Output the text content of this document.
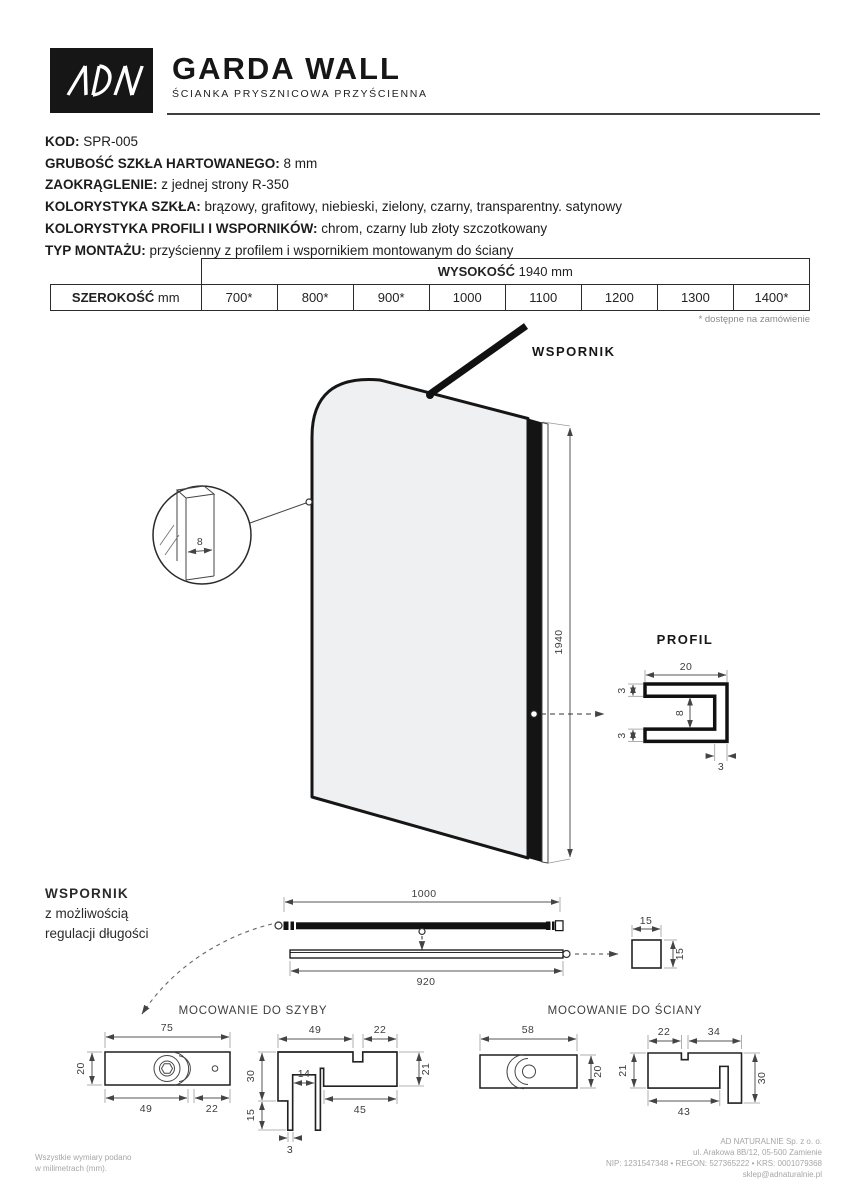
GARDA WALL
ŚCIANKA PRYSZNICOWA PRZYŚCIENNA
KOD: SPR-005
GRUBOŚĆ SZKŁA HARTOWANEGO: 8 mm
ZAOKRĄGLENIE: z jednej strony R-350
KOLORYSTYKA SZKŁA: brązowy, grafitowy, niebieski, zielony, czarny, transparentny. satynowy
KOLORYSTYKA PROFILI I WSPORNIKÓW: chrom, czarny lub złoty szczotkowany
TYP MONTAŻU: przyścienny z profilem i wspornikiem montowanym do ściany
	WYSOKOŚĆ 1940 mm							
SZEROKOŚĆ mm	700*	800*	900*	1000	1100	1200	1300	1400*
* dostępne na zamówienie
WSPORNIK
8
1940	PROFIL
20
3
3
8
3
1000
920
15
15
MOCOWANIE DO SZYBY
75
20
49	22
49	22
30
15
14
3
45
21
MOCOWANIE DO ŚCIANY
58
20
22	34
21
30
43
WSPORNIK
z możliwością
regulacji długości
Wszystkie wymiary podano
w milimetrach (mm).
AD NATURALNIE Sp. z o. o.
ul. Arakowa 8B/12, 05-500 Zamienie
NIP: 1231547348 • REGON: 527365222 • KRS: 0001079368
sklep@adnaturalnie.pl
